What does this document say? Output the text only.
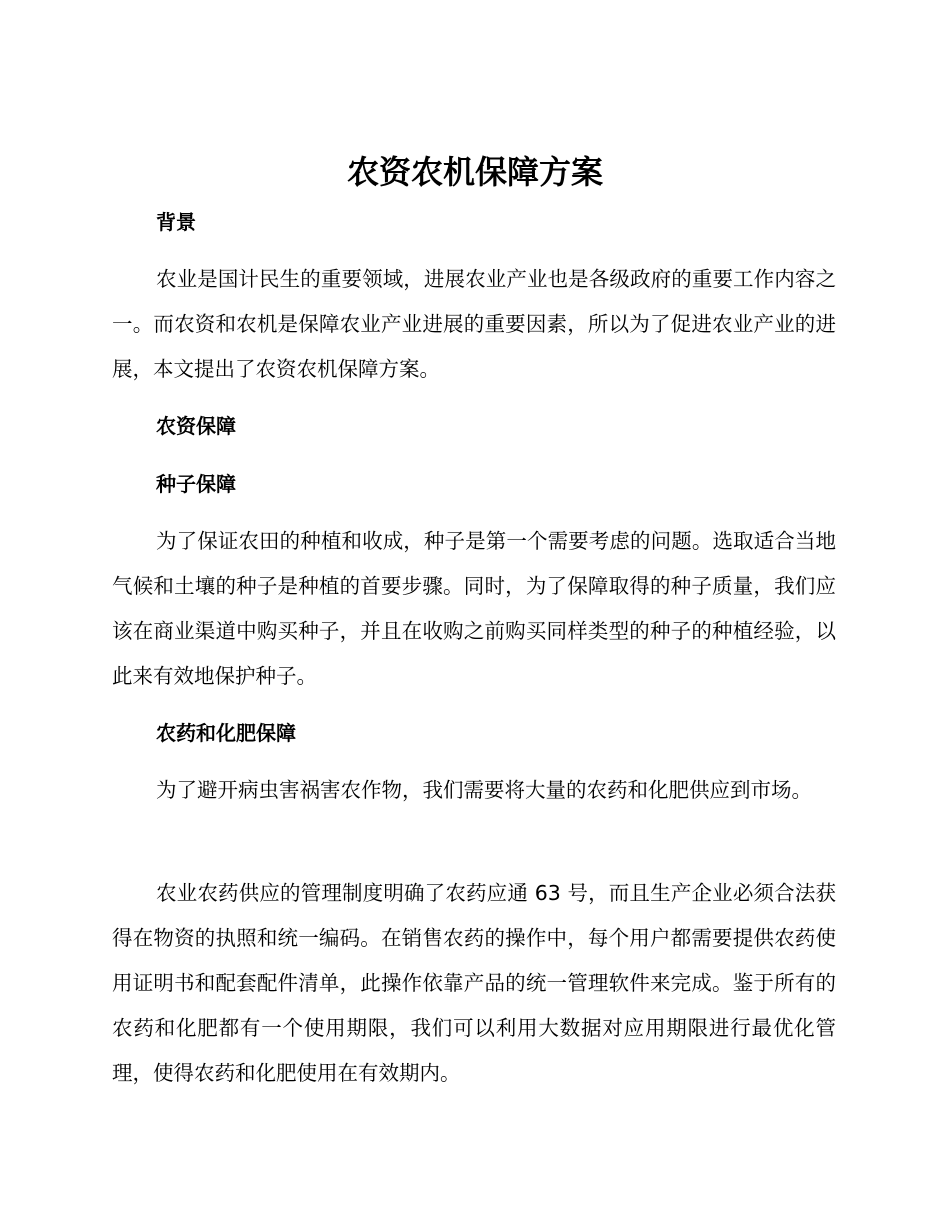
农资农机保障方案
背景

农业是国计民生的重要领域，进展农业产业也是各级政府的重要工作内容之一。而农资和农机是保障农业产业进展的重要因素，所以为了促进农业产业的进展，本文提出了农资农机保障方案。

农资保障
种子保障

为了保证农田的种植和收成，种子是第一个需要考虑的问题。选取适合当地气候和土壤的种子是种植的首要步骤。同时，为了保障取得的种子质量，我们应该在商业渠道中购买种子，并且在收购之前购买同样类型的种子的种植经验，以此来有效地保护种子。

农药和化肥保障

为了避开病虫害祸害农作物，我们需要将大量的农药和化肥供应到市场。

农业农药供应的管理制度明确了农药应通 63 号，而且生产企业必须合法获得在物资的执照和统一编码。在销售农药的操作中，每个用户都需要提供农药使用证明书和配套配件清单，此操作依靠产品的统一管理软件来完成。鉴于所有的农药和化肥都有一个使用期限，我们可以利用大数据对应用期限进行最优化管理，使得农药和化肥使用在有效期内。
